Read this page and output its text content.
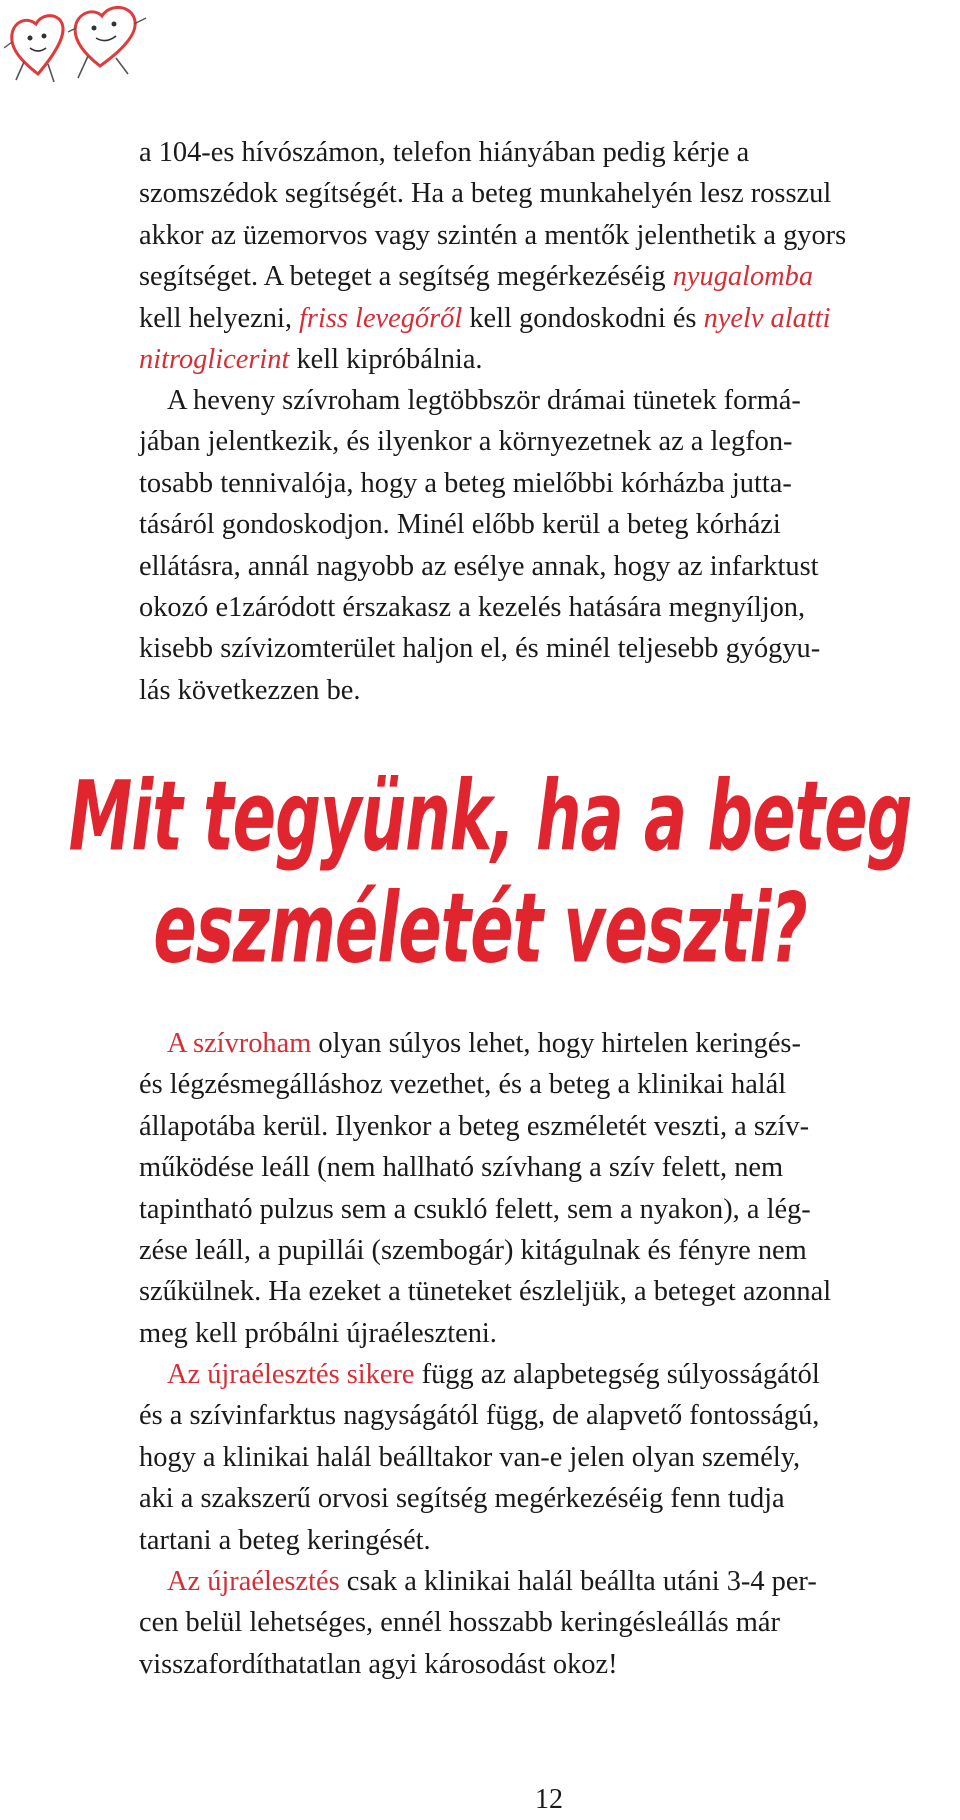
a 104-es hívószámon, telefon hiányában pedig kérje a
szomszédok segítségét. Ha a beteg munkahelyén lesz rosszul
akkor az üzemorvos vagy szintén a mentők jelenthetik a gyors
segítséget. A beteget a segítség megérkezéséig nyugalomba
kell helyezni, friss levegőről kell gondoskodni és nyelv alatti
nitroglicerint kell kipróbálnia.
A heveny szívroham legtöbbször drámai tünetek formá-
jában jelentkezik, és ilyenkor a környezetnek az a legfon-
tosabb tennivalója, hogy a beteg mielőbbi kórházba jutta-
tásáról gondoskodjon. Minél előbb kerül a beteg kórházi
ellátásra, annál nagyobb az esélye annak, hogy az infarktust
okozó e1záródott érszakasz a kezelés hatására megnyíljon,
kisebb szívizomterület haljon el, és minél teljesebb gyógyu-
lás következzen be.
Mit tegyünk, ha a beteg
eszméletét veszti?
A szívroham olyan súlyos lehet, hogy hirtelen keringés-
és légzésmegálláshoz vezethet, és a beteg a klinikai halál
állapotába kerül. Ilyenkor a beteg eszméletét veszti, a szív-
működése leáll (nem hallható szívhang a szív felett, nem
tapintható pulzus sem a csukló felett, sem a nyakon), a lég-
zése leáll, a pupillái (szembogár) kitágulnak és fényre nem
szűkülnek. Ha ezeket a tüneteket észleljük, a beteget azonnal
meg kell próbálni újraéleszteni.
Az újraélesztés sikere függ az alapbetegség súlyosságától
és a szívinfarktus nagyságától függ, de alapvető fontosságú,
hogy a klinikai halál beálltakor van-e jelen olyan személy,
aki a szakszerű orvosi segítség megérkezéséig fenn tudja
tartani a beteg keringését.
Az újraélesztés csak a klinikai halál beállta utáni 3-4 per-
cen belül lehetséges, ennél hosszabb keringésleállás már
visszafordíthatatlan agyi károsodást okoz!
12
